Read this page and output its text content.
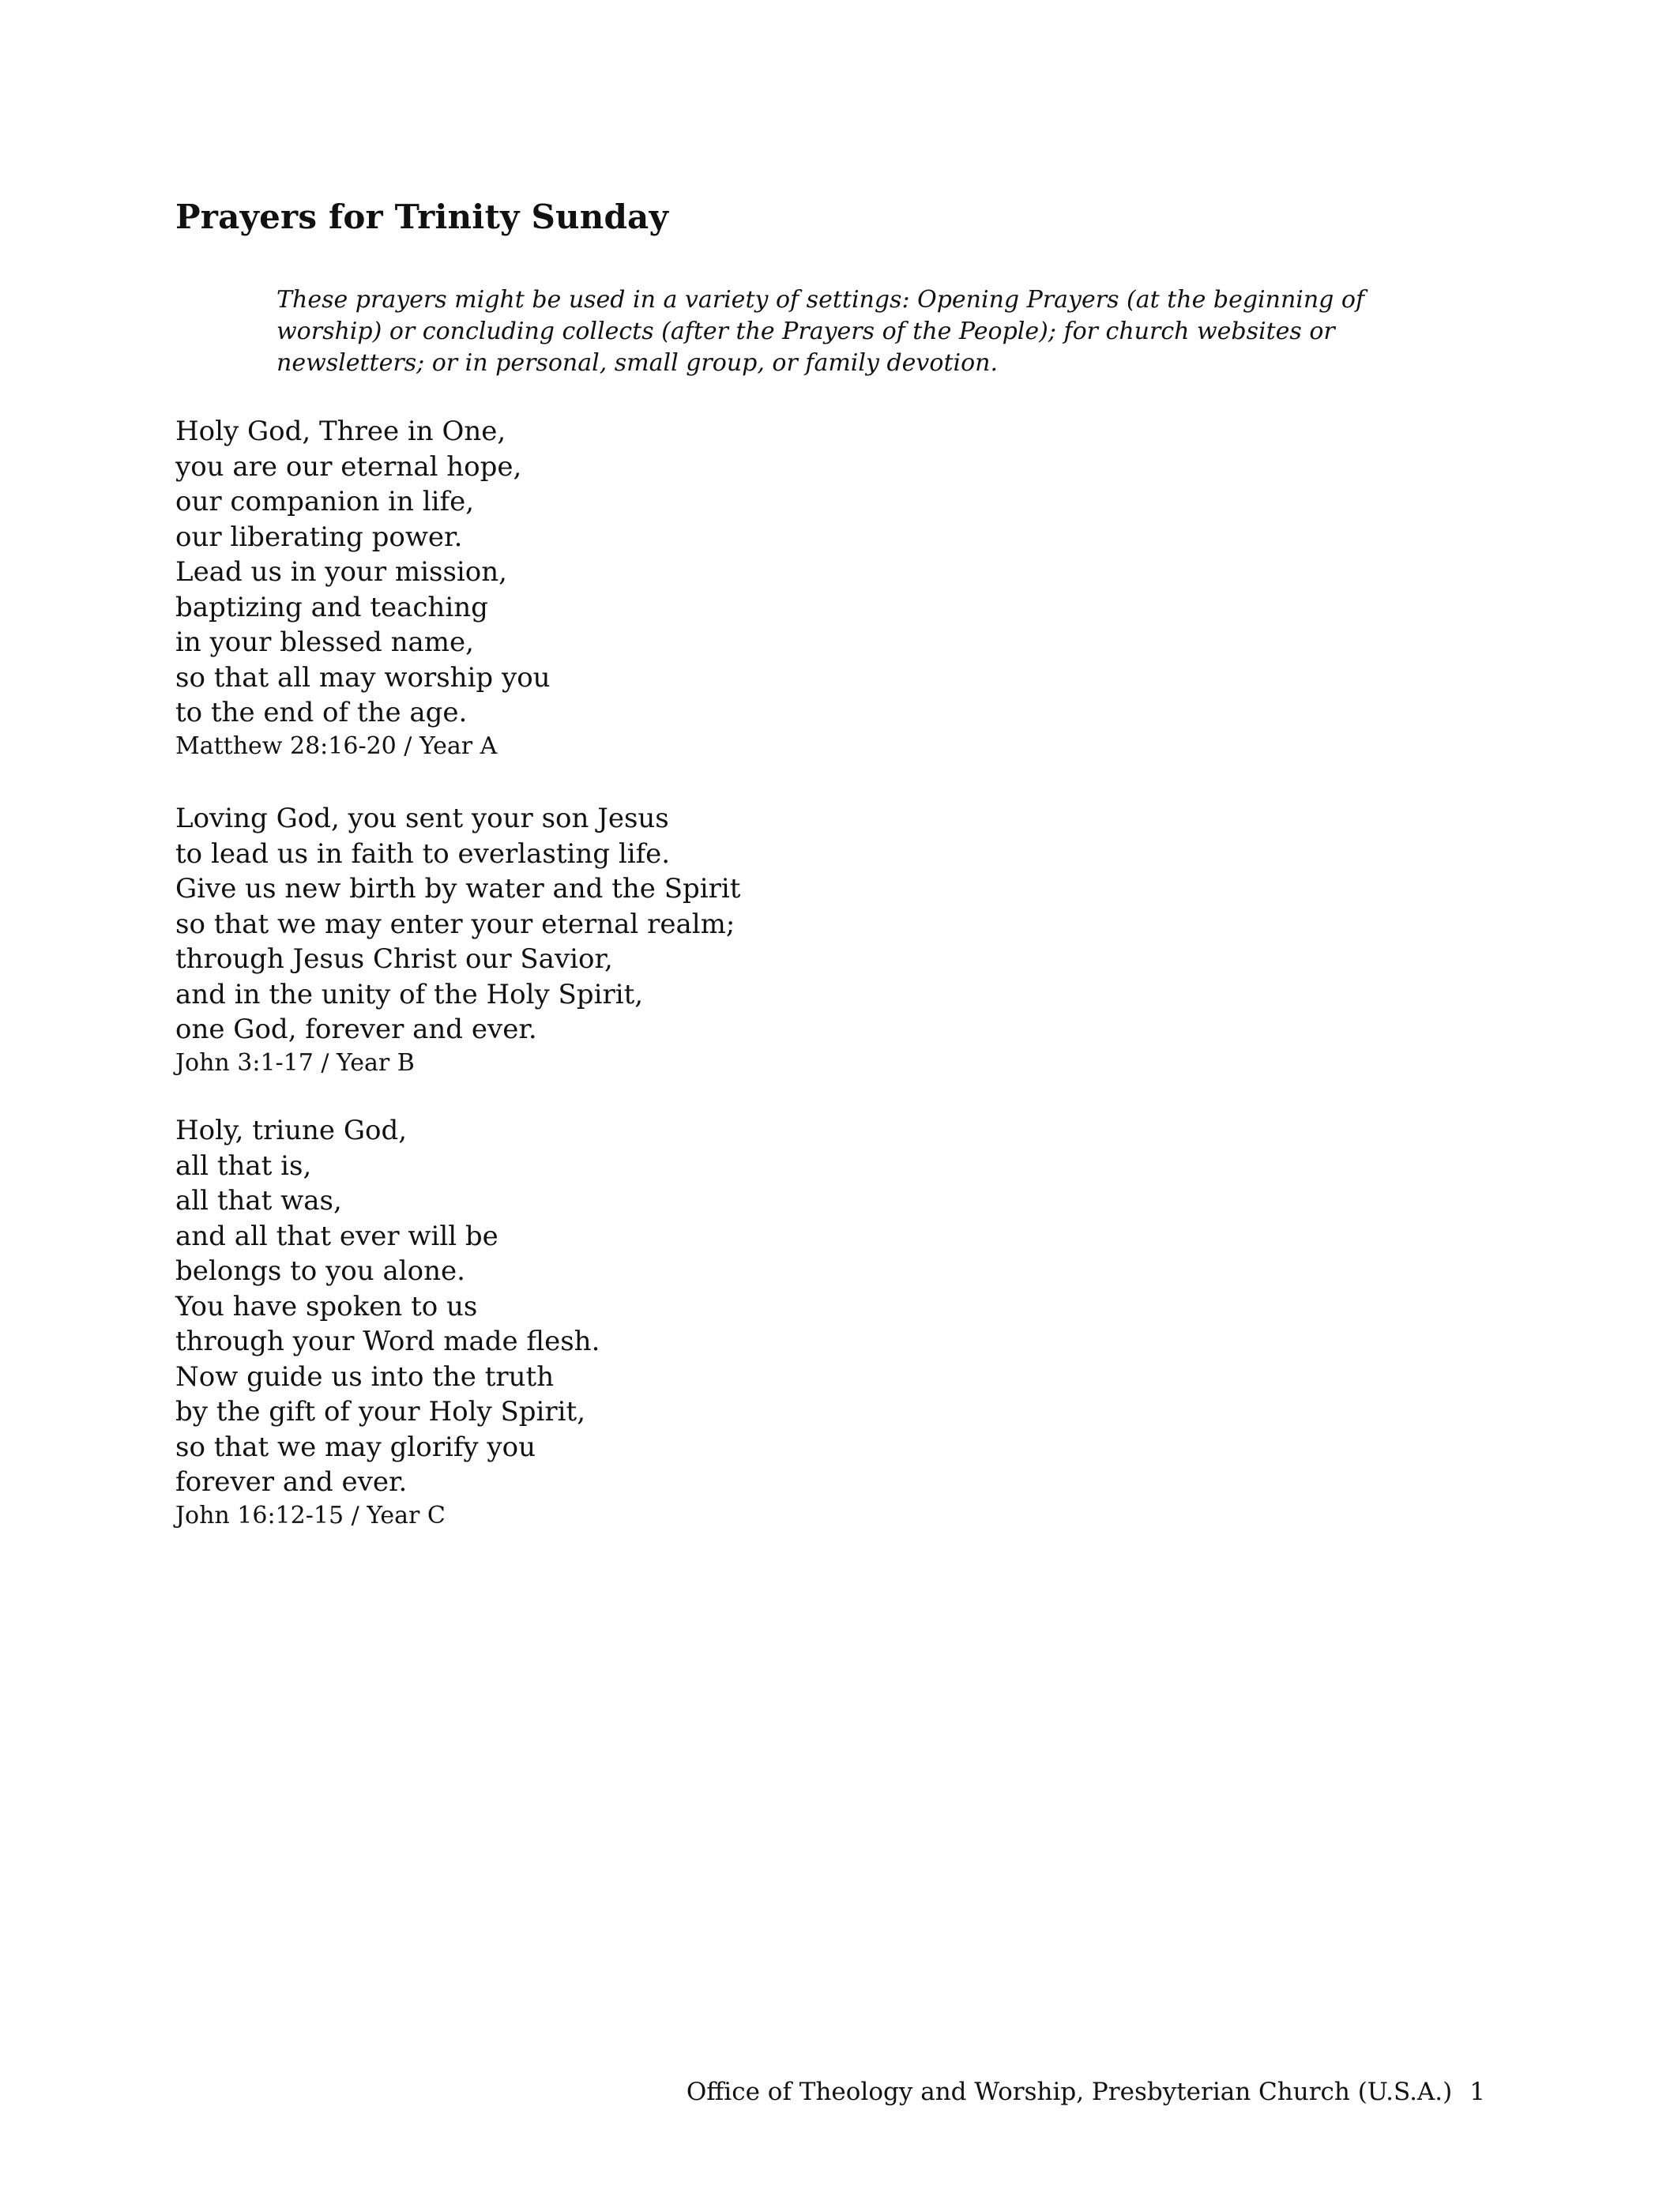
Prayers for Trinity Sunday
These prayers might be used in a variety of settings: Opening Prayers (at the beginning of worship) or concluding collects (after the Prayers of the People); for church websites or newsletters; or in personal, small group, or family devotion.
Holy God, Three in One,
you are our eternal hope,
our companion in life,
our liberating power.
Lead us in your mission,
baptizing and teaching
in your blessed name,
so that all may worship you
to the end of the age.
Matthew 28:16-20 / Year A
Loving God, you sent your son Jesus
to lead us in faith to everlasting life.
Give us new birth by water and the Spirit
so that we may enter your eternal realm;
through Jesus Christ our Savior,
and in the unity of the Holy Spirit,
one God, forever and ever.
John 3:1-17 / Year B
Holy, triune God,
all that is,
all that was,
and all that ever will be
belongs to you alone.
You have spoken to us
through your Word made flesh.
Now guide us into the truth
by the gift of your Holy Spirit,
so that we may glorify you
forever and ever.
John 16:12-15 / Year C
Office of Theology and Worship, Presbyterian Church (U.S.A.) 1
